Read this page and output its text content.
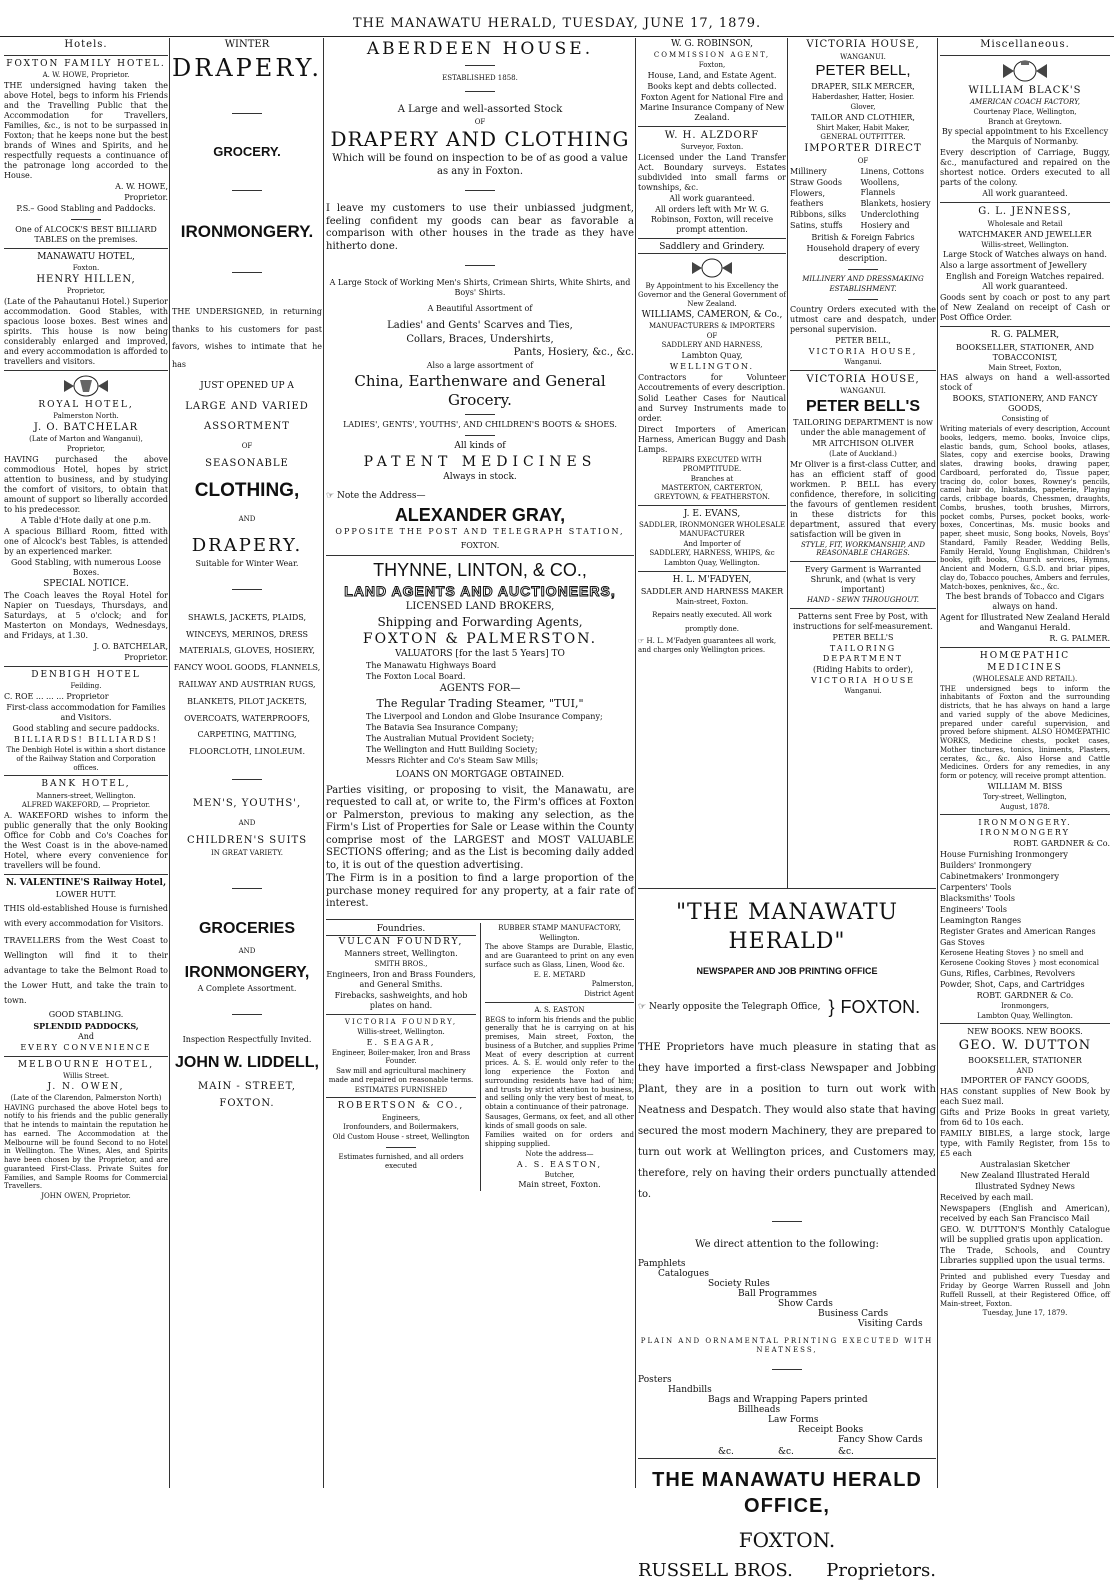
THE MANAWATU HERALD, TUESDAY, JUNE 17, 1879.

Hotels.

FOXTON FAMILY HOTEL.

A. W. HOWE, Proprietor.

THE undersigned having taken the above Hotel, begs to inform his Friends and the Travelling Public that the Accommodation for Travellers, Families, &c., is not to be surpassed in Foxton; that he keeps none but the best brands of Wines and Spirits, and he respectfully requests a continuance of the patronage long accorded to the House.

A. W. HOWE,

Proprietor.

P.S.– Good Stabling and Paddocks.

One of ALCOCK'S BEST BILLIARD TABLES on the premises.

MANAWATU HOTEL,

Foxton.

HENRY HILLEN,

Proprietor,

(Late of the Pahautanui Hotel.) Superior accommodation. Good Stables, with spacious loose boxes. Best wines and spirits. This house is now being considerably enlarged and improved, and every accommodation is afforded to travellers and visitors.

ROYAL HOTEL,

Palmerston North.

J. O. BATCHELAR

(Late of Marton and Wanganui),

Proprietor,

HAVING purchased the above commodious Hotel, hopes by strict attention to business, and by studying the comfort of visitors, to obtain that amount of support so liberally accorded to his predecessor.

A Table d'Hote daily at one p.m.

A spacious Billiard Room, fitted with one of Alcock's best Tables, is attended by an experienced marker.

Good Stabling, with numerous Loose Boxes.

SPECIAL NOTICE.

The Coach leaves the Royal Hotel for Napier on Tuesdays, Thursdays, and Saturdays, at 5 o'clock; and for Masterton on Mondays, Wednesdays, and Fridays, at 1.30.

J. O. BATCHELAR,

Proprietor.

DENBIGH HOTEL

Feilding.

C. ROE ... ... ... Proprietor

First-class accommodation for Families and Visitors.

Good stabling and secure paddocks.

BILLIARDS! BILLIARDS!

The Denbigh Hotel is within a short distance of the Railway Station and Corporation offices.

BANK HOTEL,

Manners-street, Wellington.

ALFRED WAKEFORD, — Proprietor.

A. WAKEFORD wishes to inform the public generally that the only Booking Office for Cobb and Co's Coaches for the West Coast is in the above-named Hotel, where every convenience for travellers will be found.

N. VALENTINE'S Railway Hotel,

LOWER HUTT.

THIS old-established House is furnished with every accommodation for Visitors.

TRAVELLERS from the West Coast to Wellington will find it to their advantage to take the Belmont Road to the Lower Hutt, and take the train to town.

GOOD STABLING.

SPLENDID PADDOCKS,

And

EVERY CONVENIENCE

MELBOURNE HOTEL,

Willis Street.

J. N. OWEN,

(Late of the Clarendon, Palmerston North)

HAVING purchased the above Hotel begs to notify to his friends and the public generally that he intends to maintain the reputation he has earned. The Accommodation at the Melbourne will be found Second to no Hotel in Wellington. The Wines, Ales, and Spirits have been chosen by the Proprietor, and are guaranteed First-Class. Private Suites for Families, and Sample Rooms for Commercial Travellers.

JOHN OWEN, Proprietor.

WINTER

DRAPERY.

GROCERY.

IRONMONGERY.

THE UNDERSIGNED, in returning thanks to his customers for past favors, wishes to intimate that he has

JUST OPENED UP A

LARGE AND VARIED

ASSORTMENT

OF

SEASONABLE

CLOTHING,

AND

DRAPERY.

Suitable for Winter Wear.

SHAWLS, JACKETS, PLAIDS, WINCEYS, MERINOS, DRESS MATERIALS, GLOVES, HOSIERY, FANCY WOOL GOODS, FLANNELS, RAILWAY AND AUSTRIAN RUGS, BLANKETS, PILOT JACKETS, OVERCOATS, WATERPROOFS, CARPETING, MATTING, FLOORCLOTH, LINOLEUM.

MEN'S, YOUTHS',

AND

CHILDREN'S SUITS

IN GREAT VARIETY.

GROCERIES

AND

IRONMONGERY,

A Complete Assortment.

Inspection Respectfully Invited.

JOHN W. LIDDELL,

MAIN - STREET,

FOXTON.

ABERDEEN HOUSE.

ESTABLISHED 1858.

A Large and well-assorted Stock

OF

DRAPERY AND CLOTHING

Which will be found on inspection to be of as good a value as any in Foxton.

I leave my customers to use their unbiassed judgment, feeling confident my goods can bear as favorable a comparison with other houses in the trade as they have hitherto done.

A Large Stock of Working Men's Shirts, Crimean Shirts, White Shirts, and Boys' Shirts.

A Beautiful Assortment of

Ladies' and Gents' Scarves and Ties,

Collars, Braces, Undershirts,

Pants, Hosiery, &c., &c.

Also a large assortment of

China, Earthenware and General Grocery.

LADIES', GENTS', YOUTHS', AND CHILDREN'S BOOTS & SHOES.

All kinds of

PATENT MEDICINES

Always in stock.

☞ Note the Address—

ALEXANDER GRAY,

OPPOSITE THE POST AND TELEGRAPH STATION,

FOXTON.

THYNNE, LINTON, & CO.,

LAND AGENTS AND AUCTIONEERS,

LICENSED LAND BROKERS,

Shipping and Forwarding Agents,

FOXTON & PALMERSTON.

VALUATORS [for the last 5 Years] TO

The Manawatu Highways Board

The Foxton Local Board.

AGENTS FOR—

The Regular Trading Steamer, "TUI,"

The Liverpool and London and Globe Insurance Company;

The Batavia Sea Insurance Company;

The Australian Mutual Provident Society;

The Wellington and Hutt Building Society;

Messrs Richter and Co's Steam Saw Mills;

LOANS ON MORTGAGE OBTAINED.

Parties visiting, or proposing to visit, the Manawatu, are requested to call at, or write to, the Firm's offices at Foxton or Palmerston, previous to making any selection, as the Firm's List of Properties for Sale or Lease within the County comprise most of the LARGEST and MOST VALUABLE SECTIONS offering; and as the List is becoming daily added to, it is out of the question advertising.

The Firm is in a position to find a large proportion of the purchase money required for any property, at a fair rate of interest.

Foundries.

VULCAN FOUNDRY,

Manners street, Wellington.

SMITH BROS.,

Engineers, Iron and Brass Founders, and General Smiths.

Firebacks, sashweights, and hob plates on hand.

VICTORIA FOUNDRY,

Willis-street, Wellington.

E. SEAGAR,

Engineer, Boiler-maker, Iron and Brass Founder.

Saw mill and agricultural machinery made and repaired on reasonable terms.

ESTIMATES FURNISHED

ROBERTSON & CO.,

Engineers,

Ironfounders, and Boilermakers,

Old Custom House - street, Wellington

Estimates furnished, and all orders executed

RUBBER STAMP MANUFACTORY,

Wellington.

The above Stamps are Durable, Elastic, and are Guaranteed to print on any even surface such as Glass, Linen, Wood &c.

E. E. METARD

Palmerston,

District Agent

A. S. EASTON

BEGS to inform his friends and the public generally that he is carrying on at his premises, Main street, Foxton, the business of a Butcher, and supplies Prime Meat of every description at current prices. A. S. E. would only refer to the long experience the Foxton and surrounding residents have had of him; and trusts by strict attention to business, and selling only the very best of meat, to obtain a continuance of their patronage.

Sausages, Germans, ox feet, and all other kinds of small goods on sale.

Families waited on for orders and shipping supplied.

Note the address—

A. S. EASTON,

Butcher,

Main street, Foxton.

W. G. ROBINSON,

COMMISSION AGENT,

Foxton,

House, Land, and Estate Agent.

Books kept and debts collected.

Foxton Agent for National Fire and Marine Insurance Company of New Zealand.

W. H. ALZDORF

Surveyor, Foxton.

Licensed under the Land Transfer Act. Boundary surveys. Estates subdivided into small farms or townships, &c.

All work guaranteed.

All orders left with Mr W. G. Robinson, Foxton, will receive prompt attention.

Saddlery and Grindery.

By Appointment to his Excellency the Governor and the General Government of New Zealand.

WILLIAMS, CAMERON, & Co.,

MANUFACTURERS & IMPORTERS

OF

SADDLERY AND HARNESS,

Lambton Quay,

WELLINGTON.

Contractors for Volunteer Accoutrements of every description.

Solid Leather Cases for Nautical and Survey Instruments made to order.

Direct Importers of American Harness, American Buggy and Dash Lamps.

REPAIRS EXECUTED WITH PROMPTITUDE.

Branches at

MASTERTON, CARTERTON, GREYTOWN, & FEATHERSTON.

J. E. EVANS,

SADDLER, IRONMONGER WHOLESALE MANUFACTURER

And Importer of

SADDLERY, HARNESS, WHIPS, &c

Lambton Quay, Wellington.

H. L. M'FADYEN,

SADDLER AND HARNESS MAKER

Main-street, Foxton.

Repairs neatly executed. All work promptly done.

☞ H. L. M'Fadyen guarantees all work, and charges only Wellington prices.

VICTORIA HOUSE,

WANGANUI.

PETER BELL,

DRAPER, SILK MERCER,

Haberdasher, Hatter, Hosier.

Glover,

TAILOR AND CLOTHIER,

Shirt Maker, Habit Maker,

GENERAL OUTFITTER.

IMPORTER DIRECT

OF

Millinery

Straw Goods

Flowers, feathers

Ribbons, silks

Satins, stuffs

Linens, Cottons

Woollens, Flannels

Blankets, hosiery

Underclothing

Hosiery and

British & Foreign Fabrics

Household drapery of every description.

MILLINERY AND DRESSMAKING

ESTABLISHMENT.

Country Orders executed with the utmost care and despatch, under personal supervision.

PETER BELL,

VICTORIA HOUSE,

Wanganui.

VICTORIA HOUSE,

WANGANUI.

PETER BELL'S

TAILORING DEPARTMENT is now under the able management of

MR AITCHISON OLIVER

(Late of Auckland.)

Mr Oliver is a first-class Cutter, and has an efficient staff of good workmen. P. BELL has every confidence, therefore, in soliciting the favours of gentlemen resident in these districts for this department, assured that every satisfaction will be given in

STYLE, FIT, WORKMANSHIP, AND REASONABLE CHARGES.

Every Garment is Warranted Shrunk, and (what is very important)

HAND - SEWN THROUGHOUT.

Patterns sent Free by Post, with instructions for self-measurement.

PETER BELL'S

TAILORING DEPARTMENT

(Riding Habits to order),

VICTORIA HOUSE

Wanganui.

"THE MANAWATU HERALD"

NEWSPAPER AND JOB PRINTING OFFICE

☞ Nearly opposite the Telegraph Office, } FOXTON.

THE Proprietors have much pleasure in stating that as they have imported a first-class Newspaper and Jobbing Plant, they are in a position to turn out work with Neatness and Despatch. They would also state that having secured the most modern Machinery, they are prepared to turn out work at Wellington prices, and Customers may, therefore, rely on having their orders punctually attended to.

We direct attention to the following:

Pamphlets
Catalogues
Society Rules
Ball Programmes
Show Cards
Business Cards
Visiting Cards

PLAIN AND ORNAMENTAL PRINTING EXECUTED WITH NEATNESS,

Posters
Handbills
Bags and Wrapping Papers printed
Billheads
Law Forms
Receipt Books
Fancy Show Cards
&c.	&c.	&c.

THE MANAWATU HERALD OFFICE,

FOXTON.

RUSSELL BROS. Proprietors.

Miscellaneous.

WILLIAM BLACK'S

AMERICAN COACH FACTORY,

Courtenay Place, Wellington,

Branch at Greytown.

By special appointment to his Excellency the Marquis of Normanby.

Every description of Carriage, Buggy, &c., manufactured and repaired on the shortest notice. Orders executed to all parts of the colony.

All work guaranteed.

G. L. JENNESS,

Wholesale and Retail

WATCHMAKER AND JEWELLER

Willis-street, Wellington.

Large Stock of Watches always on hand.

Also a large assortment of Jewellery

English and Foreign Watches repaired. All work guaranteed.

Goods sent by coach or post to any part of New Zealand on receipt of Cash or Post Office Order.

R. G. PALMER,

BOOKSELLER, STATIONER, AND TOBACCONIST,

Main Street, Foxton,

HAS always on hand a well-assorted stock of

BOOKS, STATIONERY, AND FANCY GOODS,

Consisting of

Writing materials of every description, Account books, ledgers, memo. books, Invoice clips, elastic bands, gum, School books, atlases, Slates, copy and exercise books, Drawing slates, drawing books, drawing paper, Cardboard, perforated do, Tissue paper, tracing do, color boxes, Rowney's pencils, camel hair do, Inkstands, papeterie, Playing cards, cribbage boards, Chessmen, draughts, Combs, brushes, tooth brushes, Mirrors, pocket combs, Purses, pocket books, work-boxes, Concertinas, Ms. music books and paper, sheet music, Song books, Novels, Boys' Standard, Family Reader, Wedding Bells, Family Herald, Young Englishman, Children's books, gift books, Church services, Hymns, Ancient and Modern, G.S.D. and briar pipes, clay do, Tobacco pouches, Ambers and ferrules, Match-boxes, penknives, &c., &c.

The best brands of Tobacco and Cigars always on hand.

Agent for Illustrated New Zealand Herald and Wanganui Herald.

R. G. PALMER.

HOMŒPATHIC MEDICINES

(WHOLESALE AND RETAIL).

THE undersigned begs to inform the inhabitants of Foxton and the surrounding districts, that he has always on hand a large and varied supply of the above Medicines, prepared under careful supervision, and proved before shipment. ALSO HOMŒPATHIC WORKS, Medicine chests, pocket cases, Mother tinctures, tonics, liniments, Plasters, cerates, &c., &c. Also Horse and Cattle Medicines. Orders for any remedies, in any form or potency, will receive prompt attention.

WILLIAM M. BISS

Tory-street, Wellington,

August, 1878.

IRONMONGERY. IRONMONGERY

ROBT. GARDNER & Co.

House Furnishing Ironmongery

Builders' Ironmongery

Cabinetmakers' Ironmongery

Carpenters' Tools

Blacksmiths' Tools

Engineers' Tools

Leamington Ranges

Register Grates and American Ranges

Gas Stoves

Kerosene Heating Stoves } no smell and

Kerosene Cooking Stoves } most economical

Guns, Rifles, Carbines, Revolvers

Powder, Shot, Caps, and Cartridges

ROBT. GARDNER & Co.

Ironmongers,

Lambton Quay, Wellington.

NEW BOOKS. NEW BOOKS.

GEO. W. DUTTON

BOOKSELLER, STATIONER

AND

IMPORTER OF FANCY GOODS,

HAS constant supplies of New Book by each Suez mail.

Gifts and Prize Books in great variety, from 6d to 10s each.

FAMILY BIBLES, a large stock, large type, with Family Register, from 15s to £5 each

Australasian Sketcher

New Zealand Illustrated Herald

Illustrated Sydney News

Received by each mail.

Newspapers (English and American), received by each San Francisco Mail

GEO. W. DUTTON'S Monthly Catalogue will be supplied gratis upon application.

The Trade, Schools, and Country Libraries supplied upon the usual terms.

Printed and published every Tuesday and Friday by George Warren Russell and John Ruffell Russell, at their Registered Office, off Main-street, Foxton.

Tuesday, June 17, 1879.
